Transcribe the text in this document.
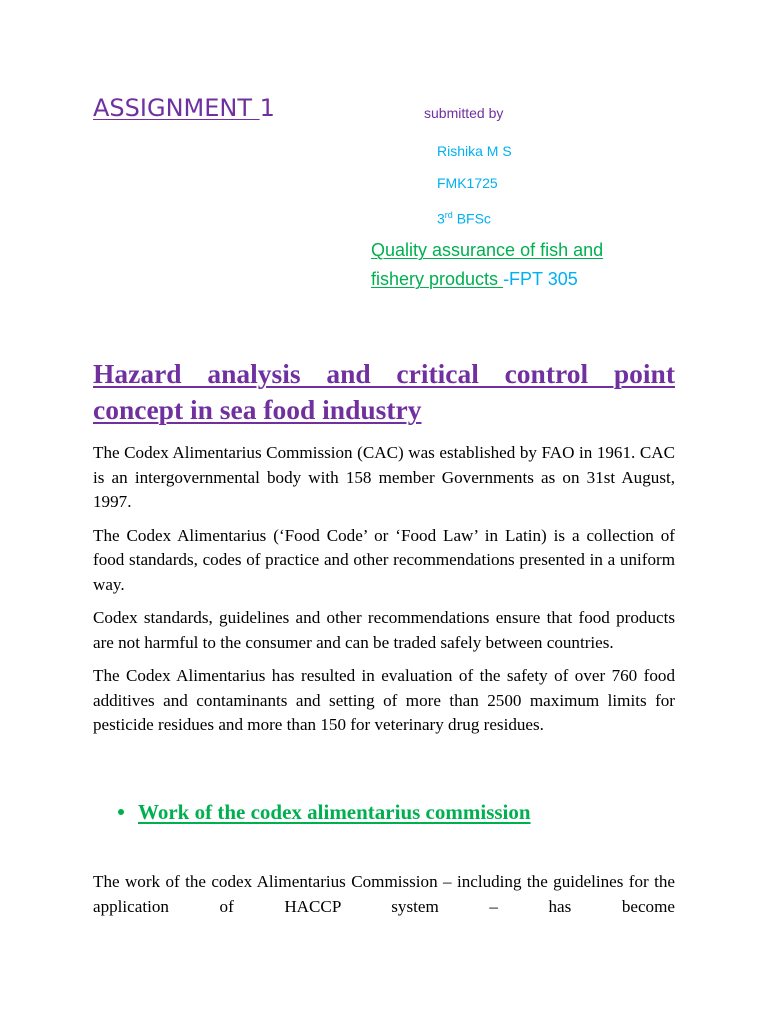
ASSIGNMENT 1	submitted by
Rishika M S
FMK1725
3rd BFSc
Quality assurance of fish and
fishery products -FPT 305
Hazard analysis and critical control point concept in sea food industry

The Codex Alimentarius Commission (CAC) was established by FAO in 1961. CAC is an intergovernmental body with 158 member Governments as on 31st August, 1997.

The Codex Alimentarius (‘Food Code’ or ‘Food Law’ in Latin) is a collection of food standards, codes of practice and other recommendations presented in a uniform way.

Codex standards, guidelines and other recommendations ensure that food products are not harmful to the consumer and can be traded safely between countries.

The Codex Alimentarius has resulted in evaluation of the safety of over 760 food additives and contaminants and setting of more than 2500 maximum limits for pesticide residues and more than 150 for veterinary drug residues.

Work of the codex alimentarius commission
The work of the codex Alimentarius Commission – including the guidelines for the application of HACCP system – has become
